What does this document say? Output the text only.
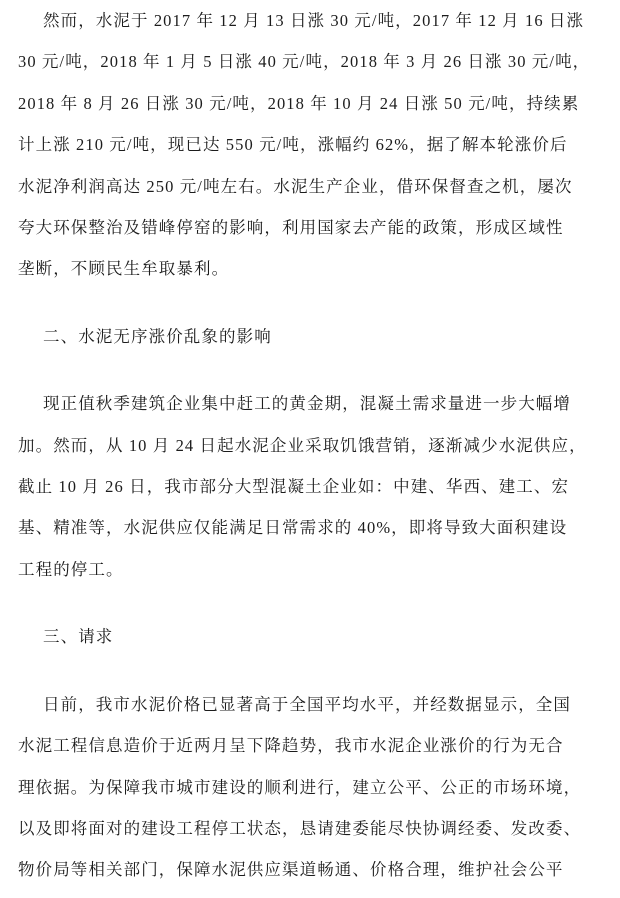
然而，水泥于 2017 年 12 月 13 日涨 30 元/吨，2017 年 12 月 16 日涨
30 元/吨，2018 年 1 月 5 日涨 40 元/吨，2018 年 3 月 26 日涨 30 元/吨，
2018 年 8 月 26 日涨 30 元/吨，2018 年 10 月 24 日涨 50 元/吨，持续累
计上涨 210 元/吨，现已达 550 元/吨，涨幅约 62%，据了解本轮涨价后
水泥净利润高达 250 元/吨左右。水泥生产企业，借环保督查之机，屡次
夸大环保整治及错峰停窑的影响，利用国家去产能的政策，形成区域性
垄断，不顾民生牟取暴利。
二、水泥无序涨价乱象的影响
现正值秋季建筑企业集中赶工的黄金期，混凝土需求量进一步大幅增
加。然而，从 10 月 24 日起水泥企业采取饥饿营销，逐渐减少水泥供应，
截止 10 月 26 日，我市部分大型混凝土企业如：中建、华西、建工、宏
基、精准等，水泥供应仅能满足日常需求的 40%，即将导致大面积建设
工程的停工。
三、请求
日前，我市水泥价格已显著高于全国平均水平，并经数据显示，全国
水泥工程信息造价于近两月呈下降趋势，我市水泥企业涨价的行为无合
理依据。为保障我市城市建设的顺利进行，建立公平、公正的市场环境，
以及即将面对的建设工程停工状态，恳请建委能尽快协调经委、发改委、
物价局等相关部门，保障水泥供应渠道畅通、价格合理，维护社会公平
